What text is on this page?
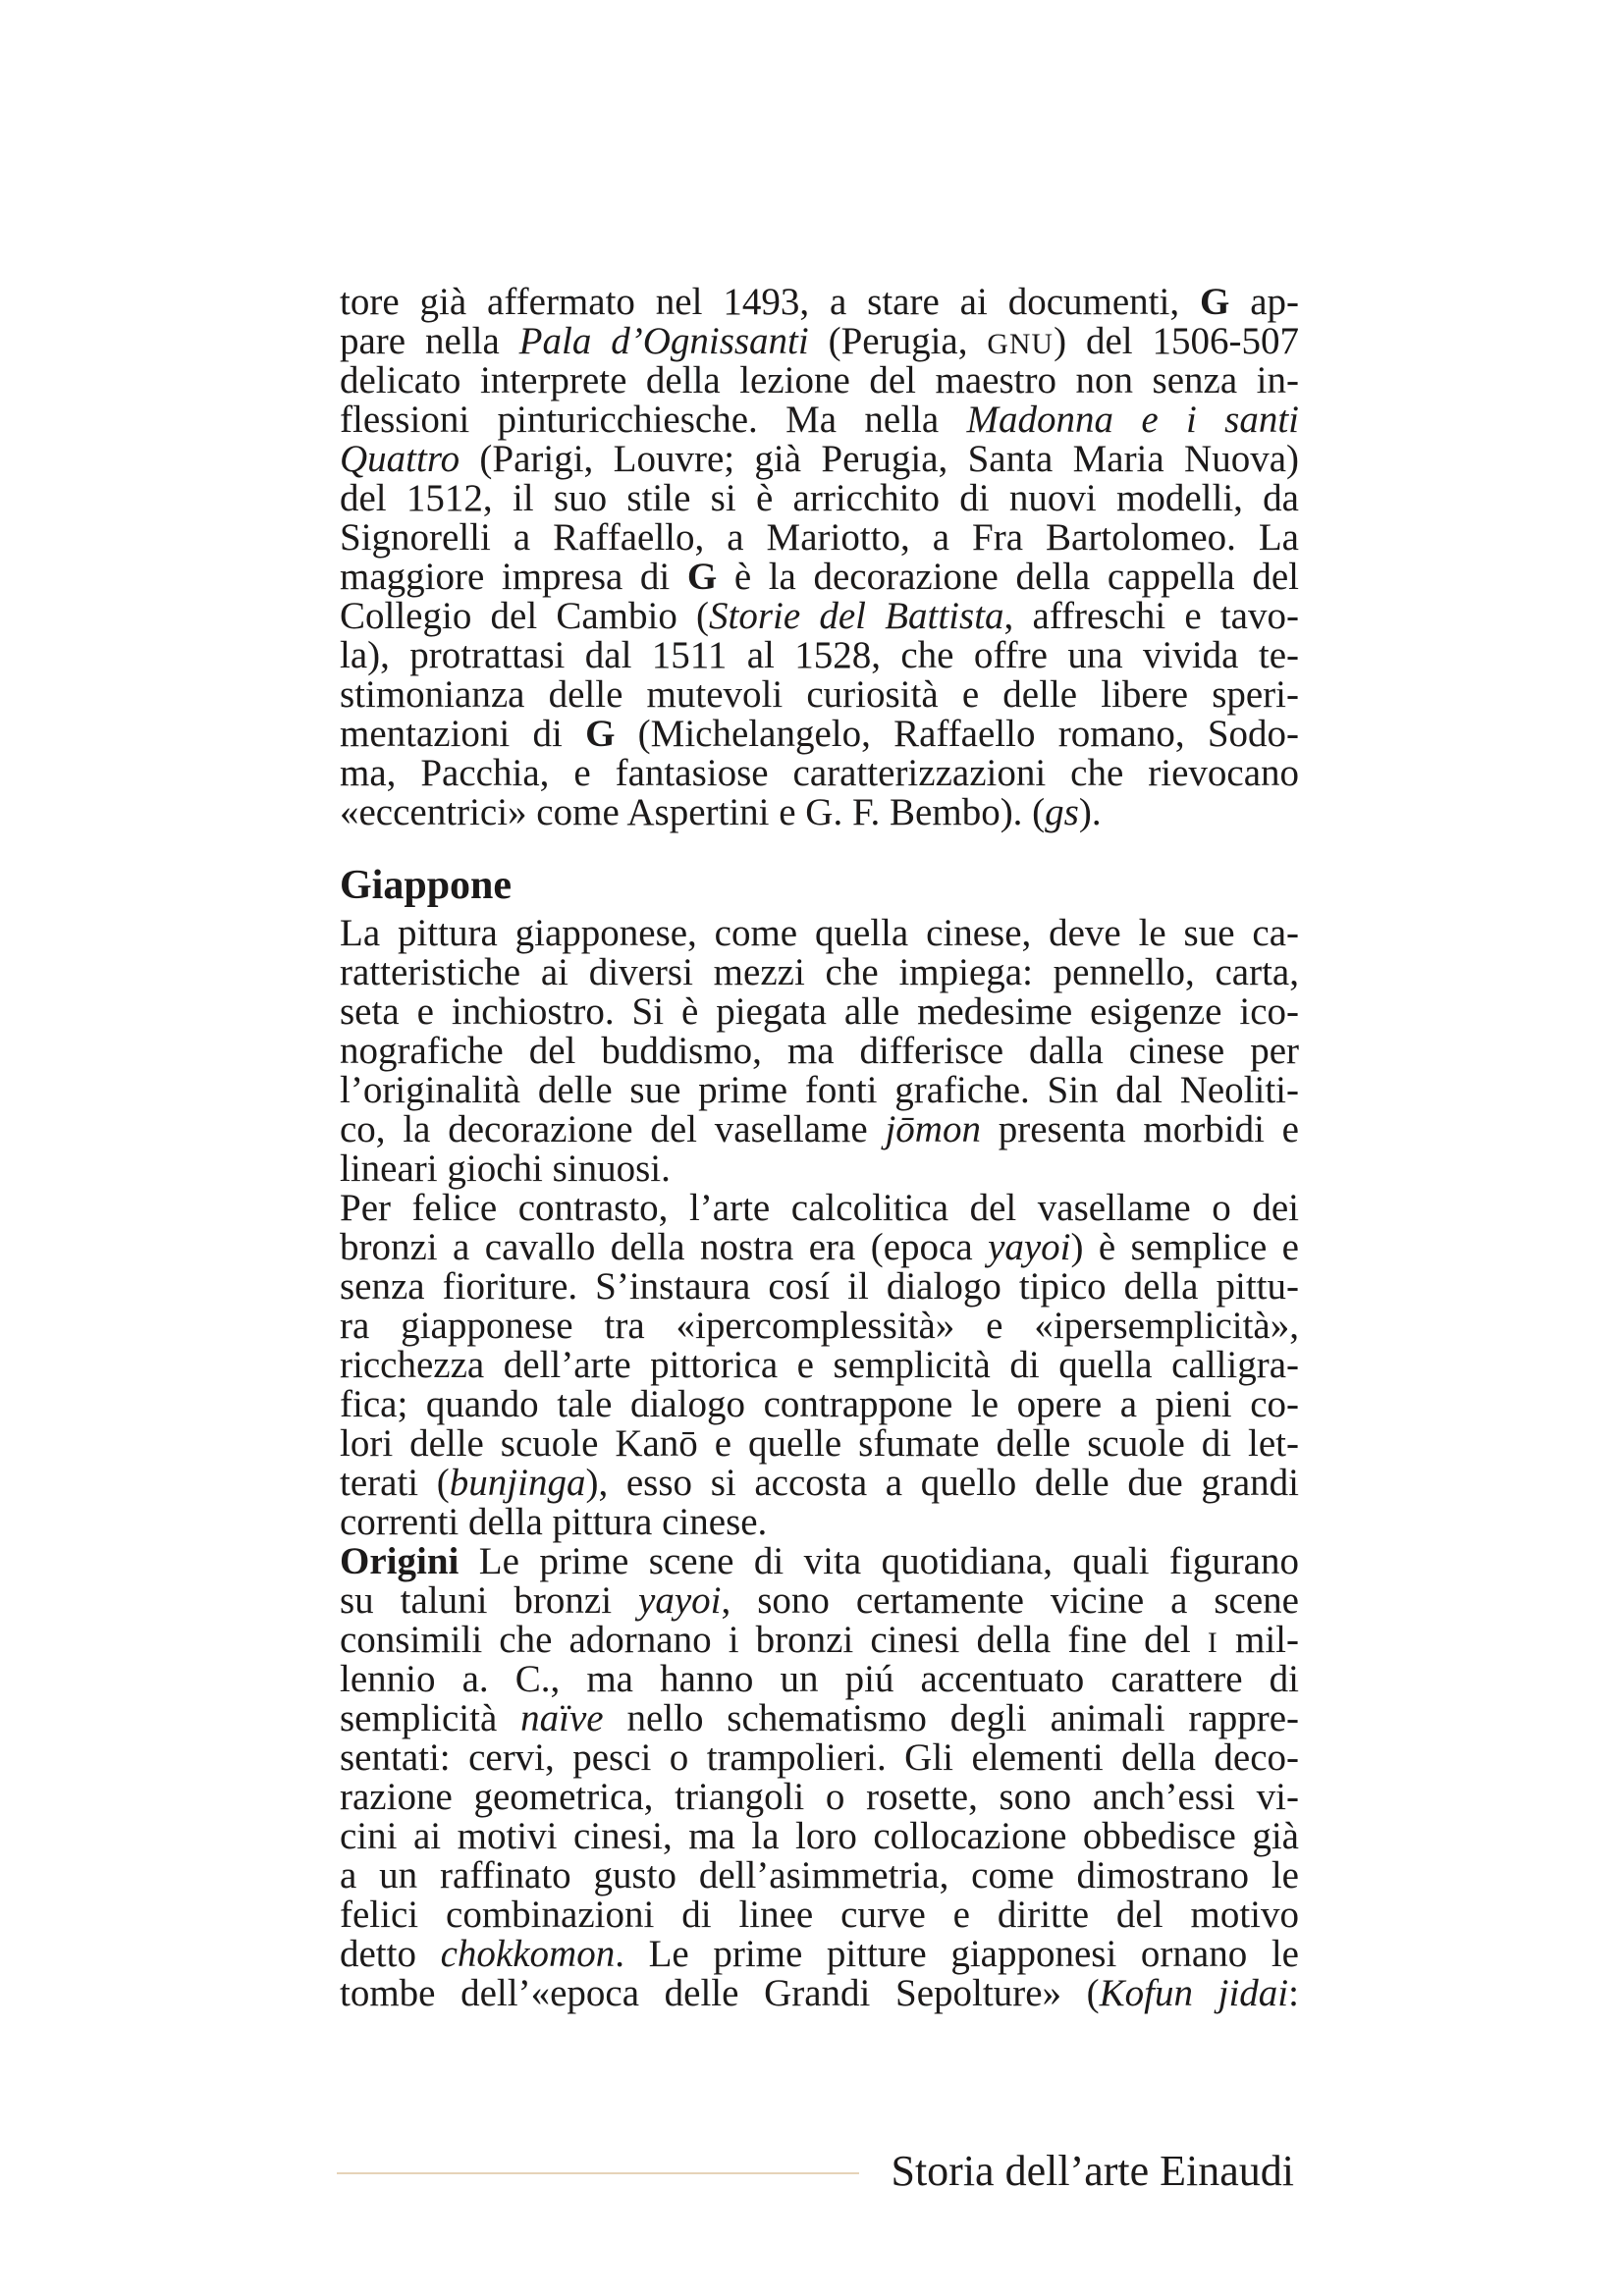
tore già affermato nel 1493, a stare ai documenti, G ap-
pare nella Pala d’Ognissanti (Perugia, GNU) del 1506-507
delicato interprete della lezione del maestro non senza in-
flessioni pinturicchiesche. Ma nella Madonna e i santi
Quattro (Parigi, Louvre; già Perugia, Santa Maria Nuova)
del 1512, il suo stile si è arricchito di nuovi modelli, da
Signorelli a Raffaello, a Mariotto, a Fra Bartolomeo. La
maggiore impresa di G è la decorazione della cappella del
Collegio del Cambio (Storie del Battista, affreschi e tavo-
la), protrattasi dal 1511 al 1528, che offre una vivida te-
stimonianza delle mutevoli curiosità e delle libere speri-
mentazioni di G (Michelangelo, Raffaello romano, Sodo-
ma, Pacchia, e fantasiose caratterizzazioni che rievocano
«eccentrici» come Aspertini e G. F. Bembo). (gs).
Giappone
La pittura giapponese, come quella cinese, deve le sue ca-
ratteristiche ai diversi mezzi che impiega: pennello, carta,
seta e inchiostro. Si è piegata alle medesime esigenze ico-
nografiche del buddismo, ma differisce dalla cinese per
l’originalità delle sue prime fonti grafiche. Sin dal Neoliti-
co, la decorazione del vasellame jōmon presenta morbidi e
lineari giochi sinuosi.
Per felice contrasto, l’arte calcolitica del vasellame o dei
bronzi a cavallo della nostra era (epoca yayoi) è semplice e
senza fioriture. S’instaura cosí il dialogo tipico della pittu-
ra giapponese tra «ipercomplessità» e «ipersemplicità»,
ricchezza dell’arte pittorica e semplicità di quella calligra-
fica; quando tale dialogo contrappone le opere a pieni co-
lori delle scuole Kanō e quelle sfumate delle scuole di let-
terati (bunjinga), esso si accosta a quello delle due grandi
correnti della pittura cinese.
Origini Le prime scene di vita quotidiana, quali figurano
su taluni bronzi yayoi, sono certamente vicine a scene
consimili che adornano i bronzi cinesi della fine del I mil-
lennio a. C., ma hanno un piú accentuato carattere di
semplicità naïve nello schematismo degli animali rappre-
sentati: cervi, pesci o trampolieri. Gli elementi della deco-
razione geometrica, triangoli o rosette, sono anch’essi vi-
cini ai motivi cinesi, ma la loro collocazione obbedisce già
a un raffinato gusto dell’asimmetria, come dimostrano le
felici combinazioni di linee curve e diritte del motivo
detto chokkomon. Le prime pitture giapponesi ornano le
tombe dell’«epoca delle Grandi Sepolture» (Kofun jidai:
Storia dell’arte Einaudi
